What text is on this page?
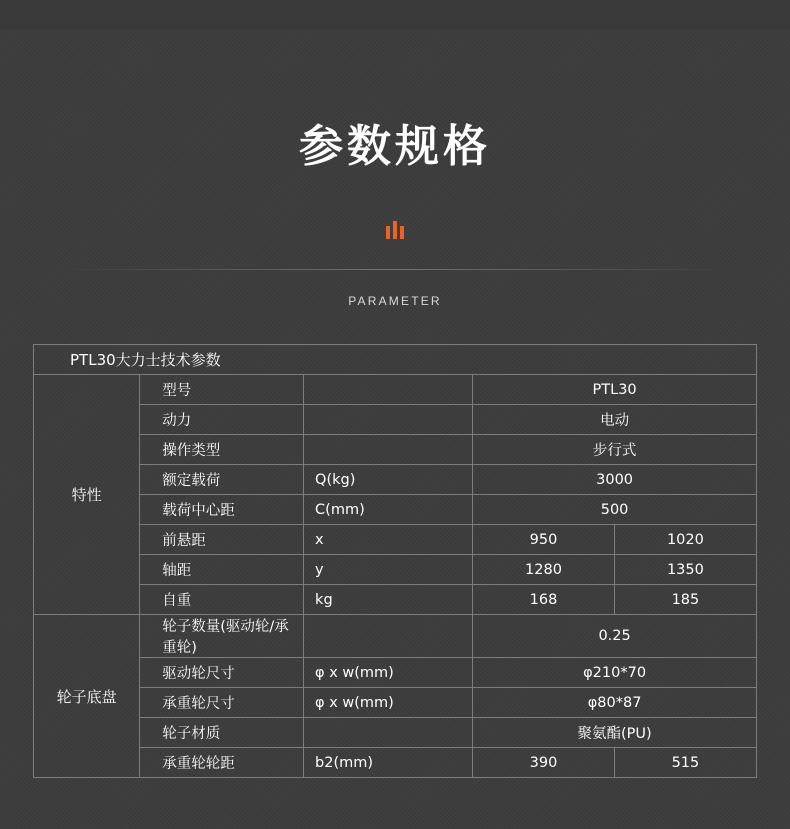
参数规格
PARAMETER
PTL30大力士技术参数				
特性	型号		PTL30	
	动力		电动	
	操作类型		步行式	
	额定载荷	Q(kg)	3000	
	载荷中心距	C(mm)	500	
	前悬距	x	950	1020
	轴距	y	1280	1350
	自重	kg	168	185
轮子底盘	轮子数量(驱动轮/承重轮)		0.25	
	驱动轮尺寸	φ x w(mm)	φ210*70	
	承重轮尺寸	φ x w(mm)	φ80*87	
	轮子材质		聚氨酯(PU)	
	承重轮轮距	b2(mm)	390	515
